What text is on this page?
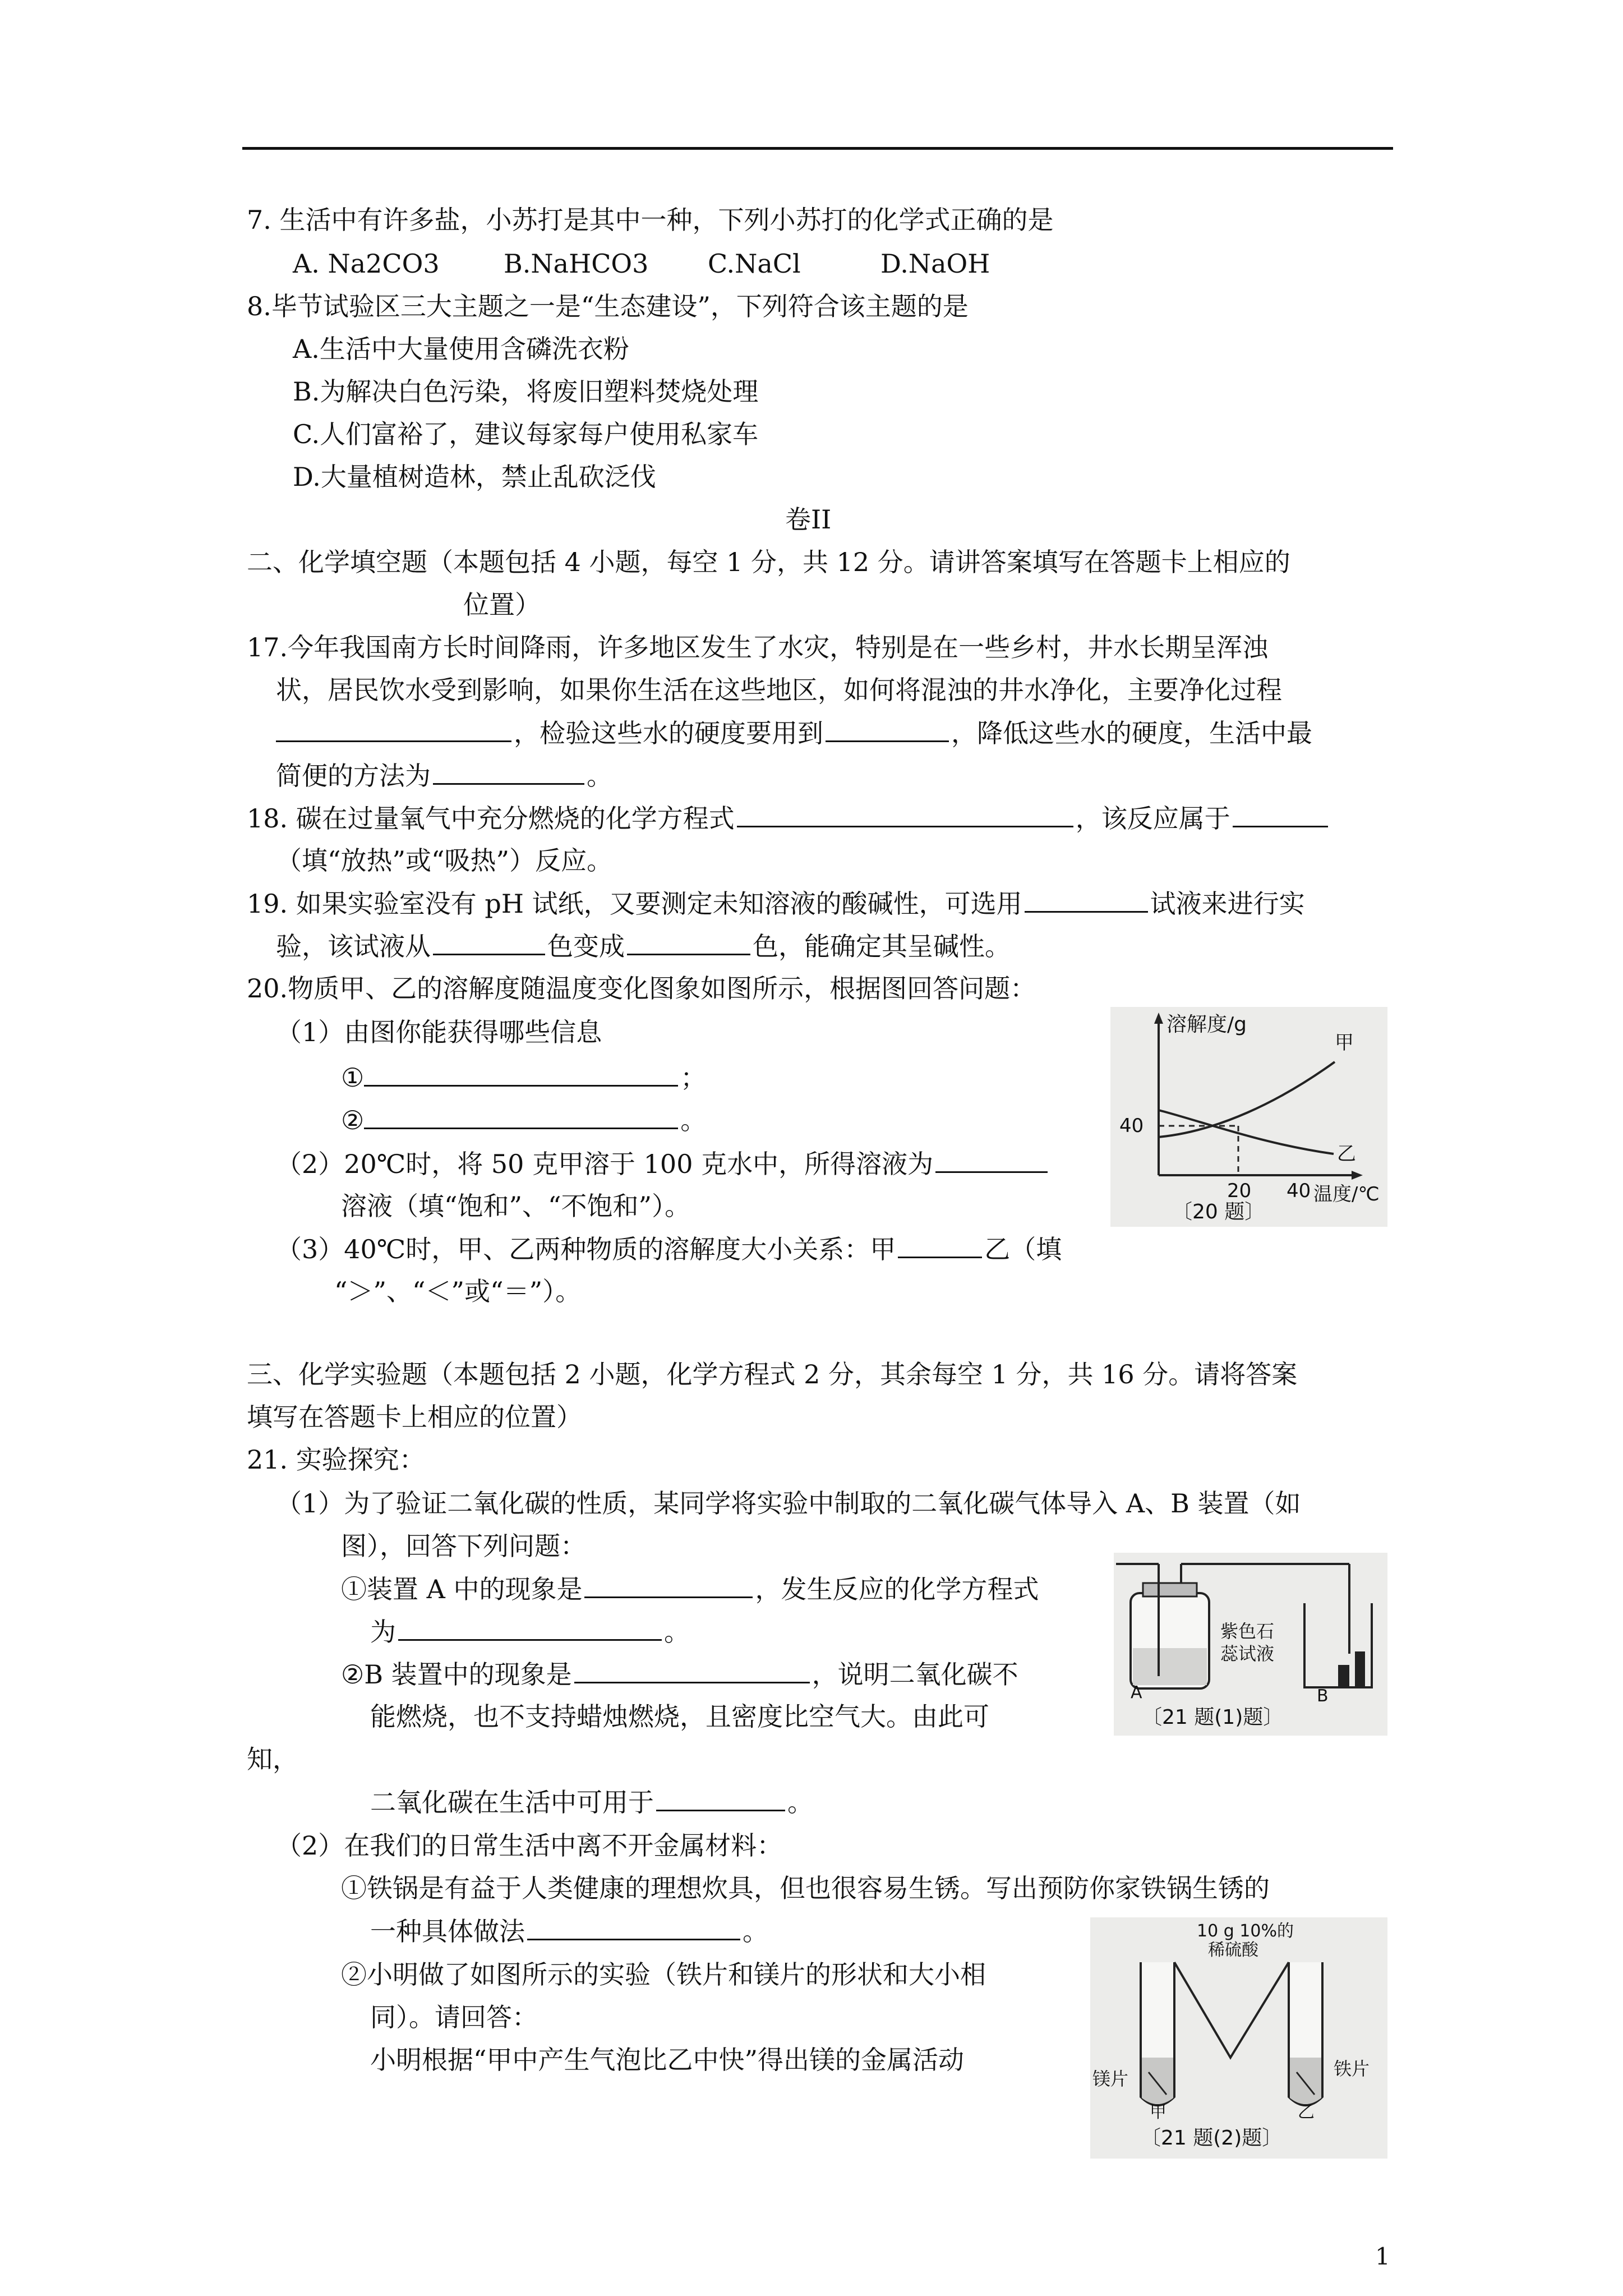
7. 生活中有许多盐，小苏打是其中一种，下列小苏打的化学式正确的是
A. Na2CO3 B.NaHCO3 C.NaCl	D.NaOH
8.毕节试验区三大主题之一是“生态建设”，下列符合该主题的是
A.生活中大量使用含磷洗衣粉
B.为解决白色污染，将废旧塑料焚烧处理
C.人们富裕了，建议每家每户使用私家车
D.大量植树造林，禁止乱砍泛伐
卷II
二、化学填空题（本题包括 4 小题，每空 1 分，共 12 分。请讲答案填写在答题卡上相应的
位置）
17.今年我国南方长时间降雨，许多地区发生了水灾，特别是在一些乡村，井水长期呈浑浊
状，居民饮水受到影响，如果你生活在这些地区，如何将混浊的井水净化，主要净化过程
，检验这些水的硬度要用到	，降低这些水的硬度，生活中最
简便的方法为	。
18. 碳在过量氧气中充分燃烧的化学方程式	，该反应属于
（填“放热”或“吸热”）反应。
19. 如果实验室没有 pH 试纸，又要测定未知溶液的酸碱性，可选用	试液来进行实
验，该试液从	色变成	色，能确定其呈碱性。
20.物质甲、乙的溶解度随温度变化图象如图所示，根据图回答问题：
（1）由图你能获得哪些信息
①	；
②	。
（2）20℃时，将 50 克甲溶于 100 克水中，所得溶液为
溶液（填“饱和”、“不饱和”）。
（3）40℃时，甲、乙两种物质的溶解度大小关系：甲	乙（填
“＞”、“＜”或“＝”）。
溶解度/g
甲
乙
40
20 40 温度/℃
〔20 题〕
三、化学实验题（本题包括 2 小题，化学方程式 2 分，其余每空 1 分，共 16 分。请将答案
填写在答题卡上相应的位置）
21. 实验探究：
（1）为了验证二氧化碳的性质，某同学将实验中制取的二氧化碳气体导入 A、B 装置（如
图），回答下列问题：
①装置 A 中的现象是	，发生反应的化学方程式
为	。
②B 装置中的现象是	，说明二氧化碳不
能燃烧，也不支持蜡烛燃烧，且密度比空气大。由此可
知，
二氧化碳在生活中可用于	。
（2）在我们的日常生活中离不开金属材料：
①铁锅是有益于人类健康的理想炊具，但也很容易生锈。写出预防你家铁锅生锈的
一种具体做法	。
②小明做了如图所示的实验（铁片和镁片的形状和大小相
同）。请回答：
小明根据“甲中产生气泡比乙中快”得出镁的金属活动
紫色石蕊试液
A	B
〔21 题(1)题〕
10 g 10%的
稀硫酸
镁片	铁片
甲	乙
〔21 题(2)题〕
1
